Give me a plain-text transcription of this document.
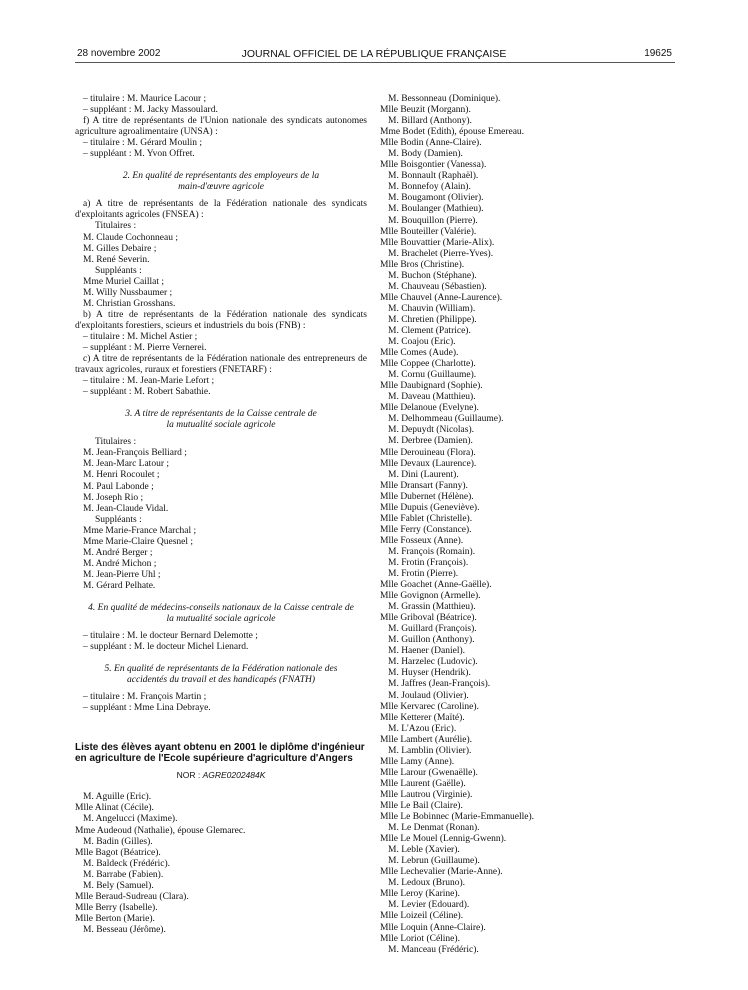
28 novembre 2002	JOURNAL OFFICIEL DE LA RÉPUBLIQUE FRANÇAISE	19625

– titulaire : M. Maurice Lacour ;

– suppléant : M. Jacky Massoulard.

f) A titre de représentants de l'Union nationale des syndicats autonomes agriculture agroalimentaire (UNSA) :

– titulaire : M. Gérard Moulin ;

– suppléant : M. Yvon Offret.

2. En qualité de représentants des employeurs de la main-d'œuvre agricole

a) A titre de représentants de la Fédération nationale des syndicats d'exploitants agricoles (FNSEA) :

Titulaires :

M. Claude Cochonneau ;

M. Gilles Debaire ;

M. René Severin.

Suppléants :

Mme Muriel Caillat ;

M. Willy Nussbaumer ;

M. Christian Grosshans.

b) A titre de représentants de la Fédération nationale des syndicats d'exploitants forestiers, scieurs et industriels du bois (FNB) :

– titulaire : M. Michel Astier ;

– suppléant : M. Pierre Vernerei.

c) A titre de représentants de la Fédération nationale des entrepreneurs de travaux agricoles, ruraux et forestiers (FNETARF) :

– titulaire : M. Jean-Marie Lefort ;

– suppléant : M. Robert Sabathie.

3. A titre de représentants de la Caisse centrale de la mutualité sociale agricole

Titulaires :

M. Jean-François Belliard ;

M. Jean-Marc Latour ;

M. Henri Rocoulet ;

M. Paul Labonde ;

M. Joseph Rio ;

M. Jean-Claude Vidal.

Suppléants :

Mme Marie-France Marchal ;

Mme Marie-Claire Quesnel ;

M. André Berger ;

M. André Michon ;

M. Jean-Pierre Uhl ;

M. Gérard Pelhate.

4. En qualité de médecins-conseils nationaux de la Caisse centrale de la mutualité sociale agricole

– titulaire : M. le docteur Bernard Delemotte ;

– suppléant : M. le docteur Michel Lienard.

5. En qualité de représentants de la Fédération nationale des accidentés du travail et des handicapés (FNATH)

– titulaire : M. François Martin ;

– suppléant : Mme Lina Debraye.

Liste des élèves ayant obtenu en 2001 le diplôme d'ingénieur en agriculture de l'Ecole supérieure d'agriculture d'Angers

NOR : AGRE0202484K

M. Aguille (Eric).

Mlle Alinat (Cécile).

M. Angelucci (Maxime).

Mme Audeoud (Nathalie), épouse Glemarec.

M. Badin (Gilles).

Mlle Bagot (Béatrice).

M. Baldeck (Frédéric).

M. Barrabe (Fabien).

M. Bely (Samuel).

Mlle Beraud-Sudreau (Clara).

Mlle Berry (Isabelle).

Mlle Berton (Marie).

M. Besseau (Jérôme).

M. Bessonneau (Dominique).

Mlle Beuzit (Morgann).

M. Billard (Anthony).

Mme Bodet (Edith), épouse Emereau.

Mlle Bodin (Anne-Claire).

M. Body (Damien).

Mlle Boisgontier (Vanessa).

M. Bonnault (Raphaël).

M. Bonnefoy (Alain).

M. Bougamont (Olivier).

M. Boulanger (Mathieu).

M. Bouquillon (Pierre).

Mlle Bouteiller (Valérie).

Mlle Bouvattier (Marie-Alix).

M. Brachelet (Pierre-Yves).

Mlle Bros (Christine).

M. Buchon (Stéphane).

M. Chauveau (Sébastien).

Mlle Chauvel (Anne-Laurence).

M. Chauvin (William).

M. Chretien (Philippe).

M. Clement (Patrice).

M. Coajou (Eric).

Mlle Comes (Aude).

Mlle Coppee (Charlotte).

M. Cornu (Guillaume).

Mlle Daubignard (Sophie).

M. Daveau (Matthieu).

Mlle Delanoue (Evelyne).

M. Delhommeau (Guillaume).

M. Depuydt (Nicolas).

M. Derbree (Damien).

Mlle Derouineau (Flora).

Mlle Devaux (Laurence).

M. Dini (Laurent).

Mlle Dransart (Fanny).

Mlle Dubernet (Hélène).

Mlle Dupuis (Geneviève).

Mlle Fablet (Christelle).

Mlle Ferry (Constance).

Mlle Fosseux (Anne).

M. François (Romain).

M. Frotin (François).

M. Frotin (Pierre).

Mlle Goachet (Anne-Gaëlle).

Mlle Govignon (Armelle).

M. Grassin (Matthieu).

Mlle Griboval (Béatrice).

M. Guillard (François).

M. Guillon (Anthony).

M. Haener (Daniel).

M. Harzelec (Ludovic).

M. Huyser (Hendrik).

M. Jaffres (Jean-François).

M. Joulaud (Olivier).

Mlle Kervarec (Caroline).

Mlle Ketterer (Maïté).

M. L'Azou (Eric).

Mlle Lambert (Aurélie).

M. Lamblin (Olivier).

Mlle Lamy (Anne).

Mlle Larour (Gwenaëlle).

Mlle Laurent (Gaëlle).

Mlle Lautrou (Virginie).

Mlle Le Bail (Claire).

Mlle Le Bobinnec (Marie-Emmanuelle).

M. Le Denmat (Ronan).

Mlle Le Mouel (Lennig-Gwenn).

M. Leble (Xavier).

M. Lebrun (Guillaume).

Mlle Lechevalier (Marie-Anne).

M. Ledoux (Bruno).

Mlle Leroy (Karine).

M. Levier (Edouard).

Mlle Loizeil (Céline).

Mlle Loquin (Anne-Claire).

Mlle Loriot (Céline).

M. Manceau (Frédéric).
